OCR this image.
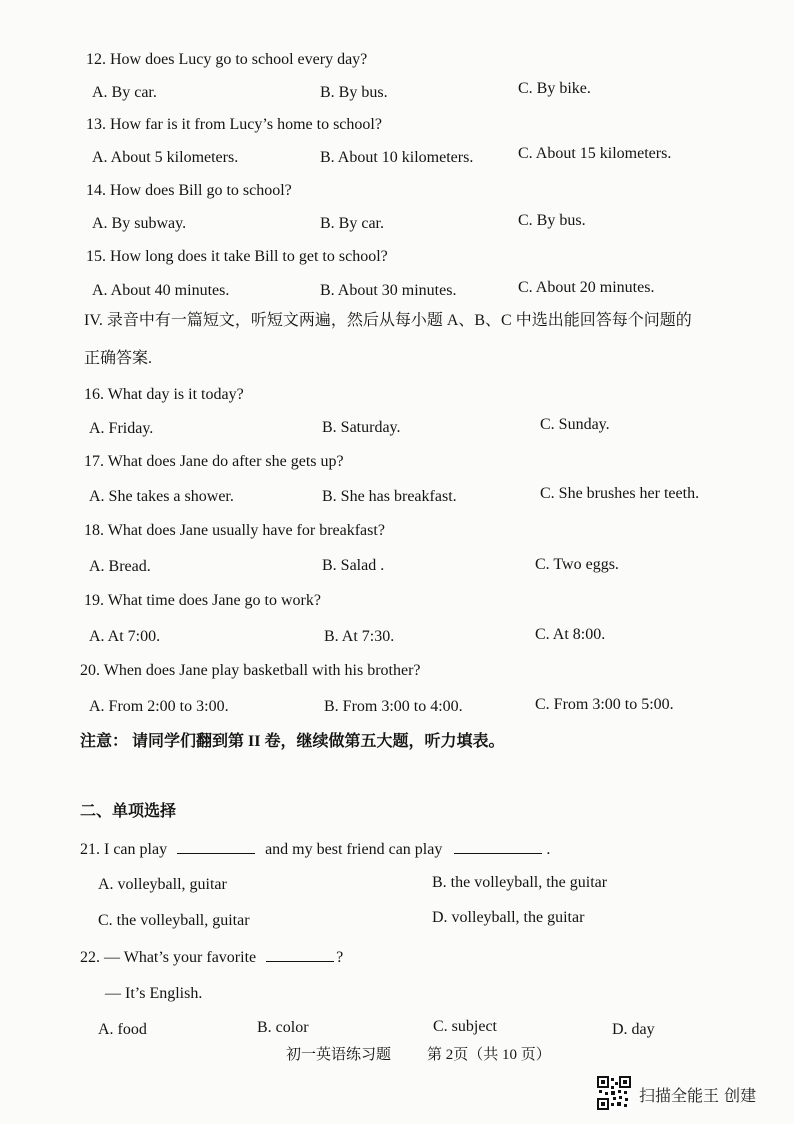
12. How does Lucy go to school every day?
A. By car.	B. By bus.	C. By bike.
13. How far is it from Lucy’s home to school?
A. About 5 kilometers.	B. About 10 kilometers.	C. About 15 kilometers.
14. How does Bill go to school?
A. By subway.	B. By car.	C. By bus.
15. How long does it take Bill to get to school?
A. About 40 minutes.	B. About 30 minutes.	C. About 20 minutes.
IV. 录音中有一篇短文，听短文两遍，然后从每小题 A、B、C 中选出能回答每个问题的
正确答案.
16. What day is it today?
A. Friday.	B. Saturday.	C. Sunday.
17. What does Jane do after she gets up?
A. She takes a shower.	B. She has breakfast.	C. She brushes her teeth.
18. What does Jane usually have for breakfast?
A. Bread.	B. Salad .	C. Two eggs.
19. What time does Jane go to work?
A. At 7:00.	B. At 7:30.	C. At 8:00.
20. When does Jane play basketball with his brother?
A. From 2:00 to 3:00.	B. From 3:00 to 4:00.	C. From 3:00 to 5:00.
注意： 请同学们翻到第 II 卷，继续做第五大题，听力填表。
二、单项选择
21. I can play	and my best friend can play	.
A. volleyball, guitar	B. the volleyball, the guitar
C. the volleyball, guitar	D. volleyball, the guitar
22. — What’s your favorite	?
— It’s English.
A. food	B. color	C. subject	D. day
初一英语练习题 第 2页（共 10 页）
扫描全能王 创建
